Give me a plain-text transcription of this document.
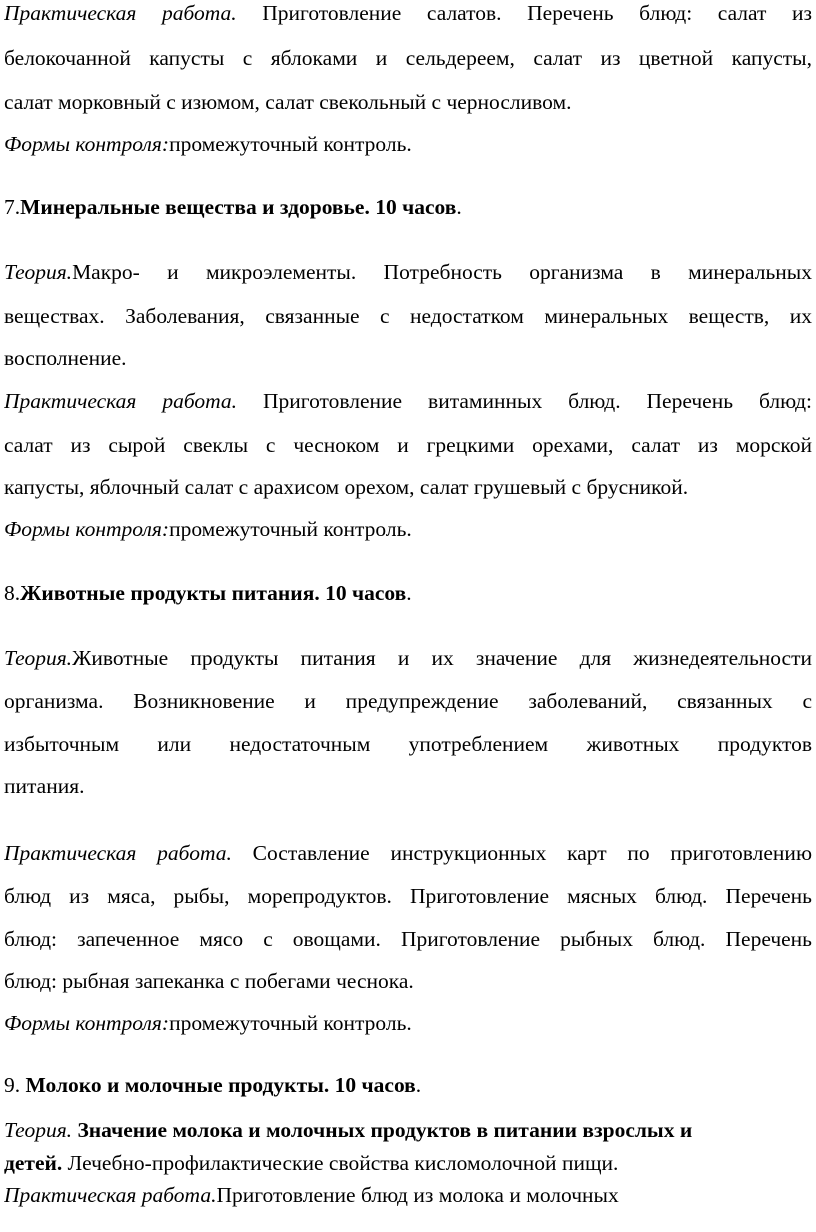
Практическая работа. Приготовление салатов. Перечень блюд: салат из
белокочанной капусты с яблоками и сельдереем, салат из цветной капусты,
салат морковный с изюмом, салат свекольный с черносливом.
Формы контроля:промежуточный контроль.
7.Минеральные вещества и здоровье. 10 часов.
Теория.Макро- и микроэлементы. Потребность организма в минеральных
веществах. Заболевания, связанные с недостатком минеральных веществ, их
восполнение.
Практическая работа. Приготовление витаминных блюд. Перечень блюд:
салат из сырой свеклы с чесноком и грецкими орехами, салат из морской
капусты, яблочный салат с арахисом орехом, салат грушевый с брусникой.
Формы контроля:промежуточный контроль.
8.Животные продукты питания. 10 часов.
Теория.Животные продукты питания и их значение для жизнедеятельности
организма. Возникновение и предупреждение заболеваний, связанных с
избыточным или недостаточным употреблением животных продуктов
питания.
Практическая работа. Составление инструкционных карт по приготовлению
блюд из мяса, рыбы, морепродуктов. Приготовление мясных блюд. Перечень
блюд: запеченное мясо с овощами. Приготовление рыбных блюд. Перечень
блюд: рыбная запеканка с побегами чеснока.
Формы контроля:промежуточный контроль.
9. Молоко и молочные продукты. 10 часов.
Теория. Значение молока и молочных продуктов в питании взрослых и
детей. Лечебно-профилактические свойства кисломолочной пищи.
Практическая работа.Приготовление блюд из молока и молочных
